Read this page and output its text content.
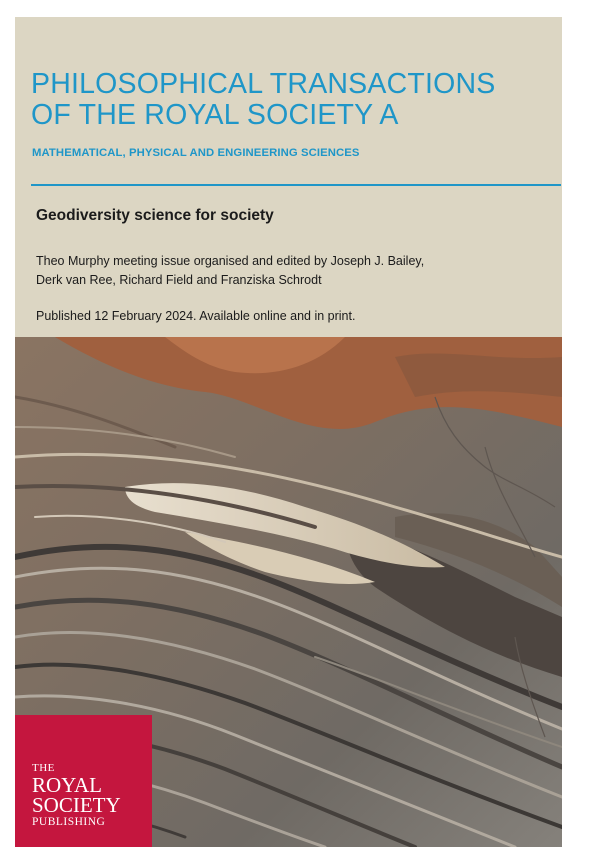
PHILOSOPHICAL TRANSACTIONS
OF THE ROYAL SOCIETY A
MATHEMATICAL, PHYSICAL AND ENGINEERING SCIENCES
Geodiversity science for society
Theo Murphy meeting issue organised and edited by Joseph J. Bailey,
Derk van Ree, Richard Field and Franziska Schrodt
Published 12 February 2024. Available online and in print.
THE
ROYAL
SOCIETY
PUBLISHING
